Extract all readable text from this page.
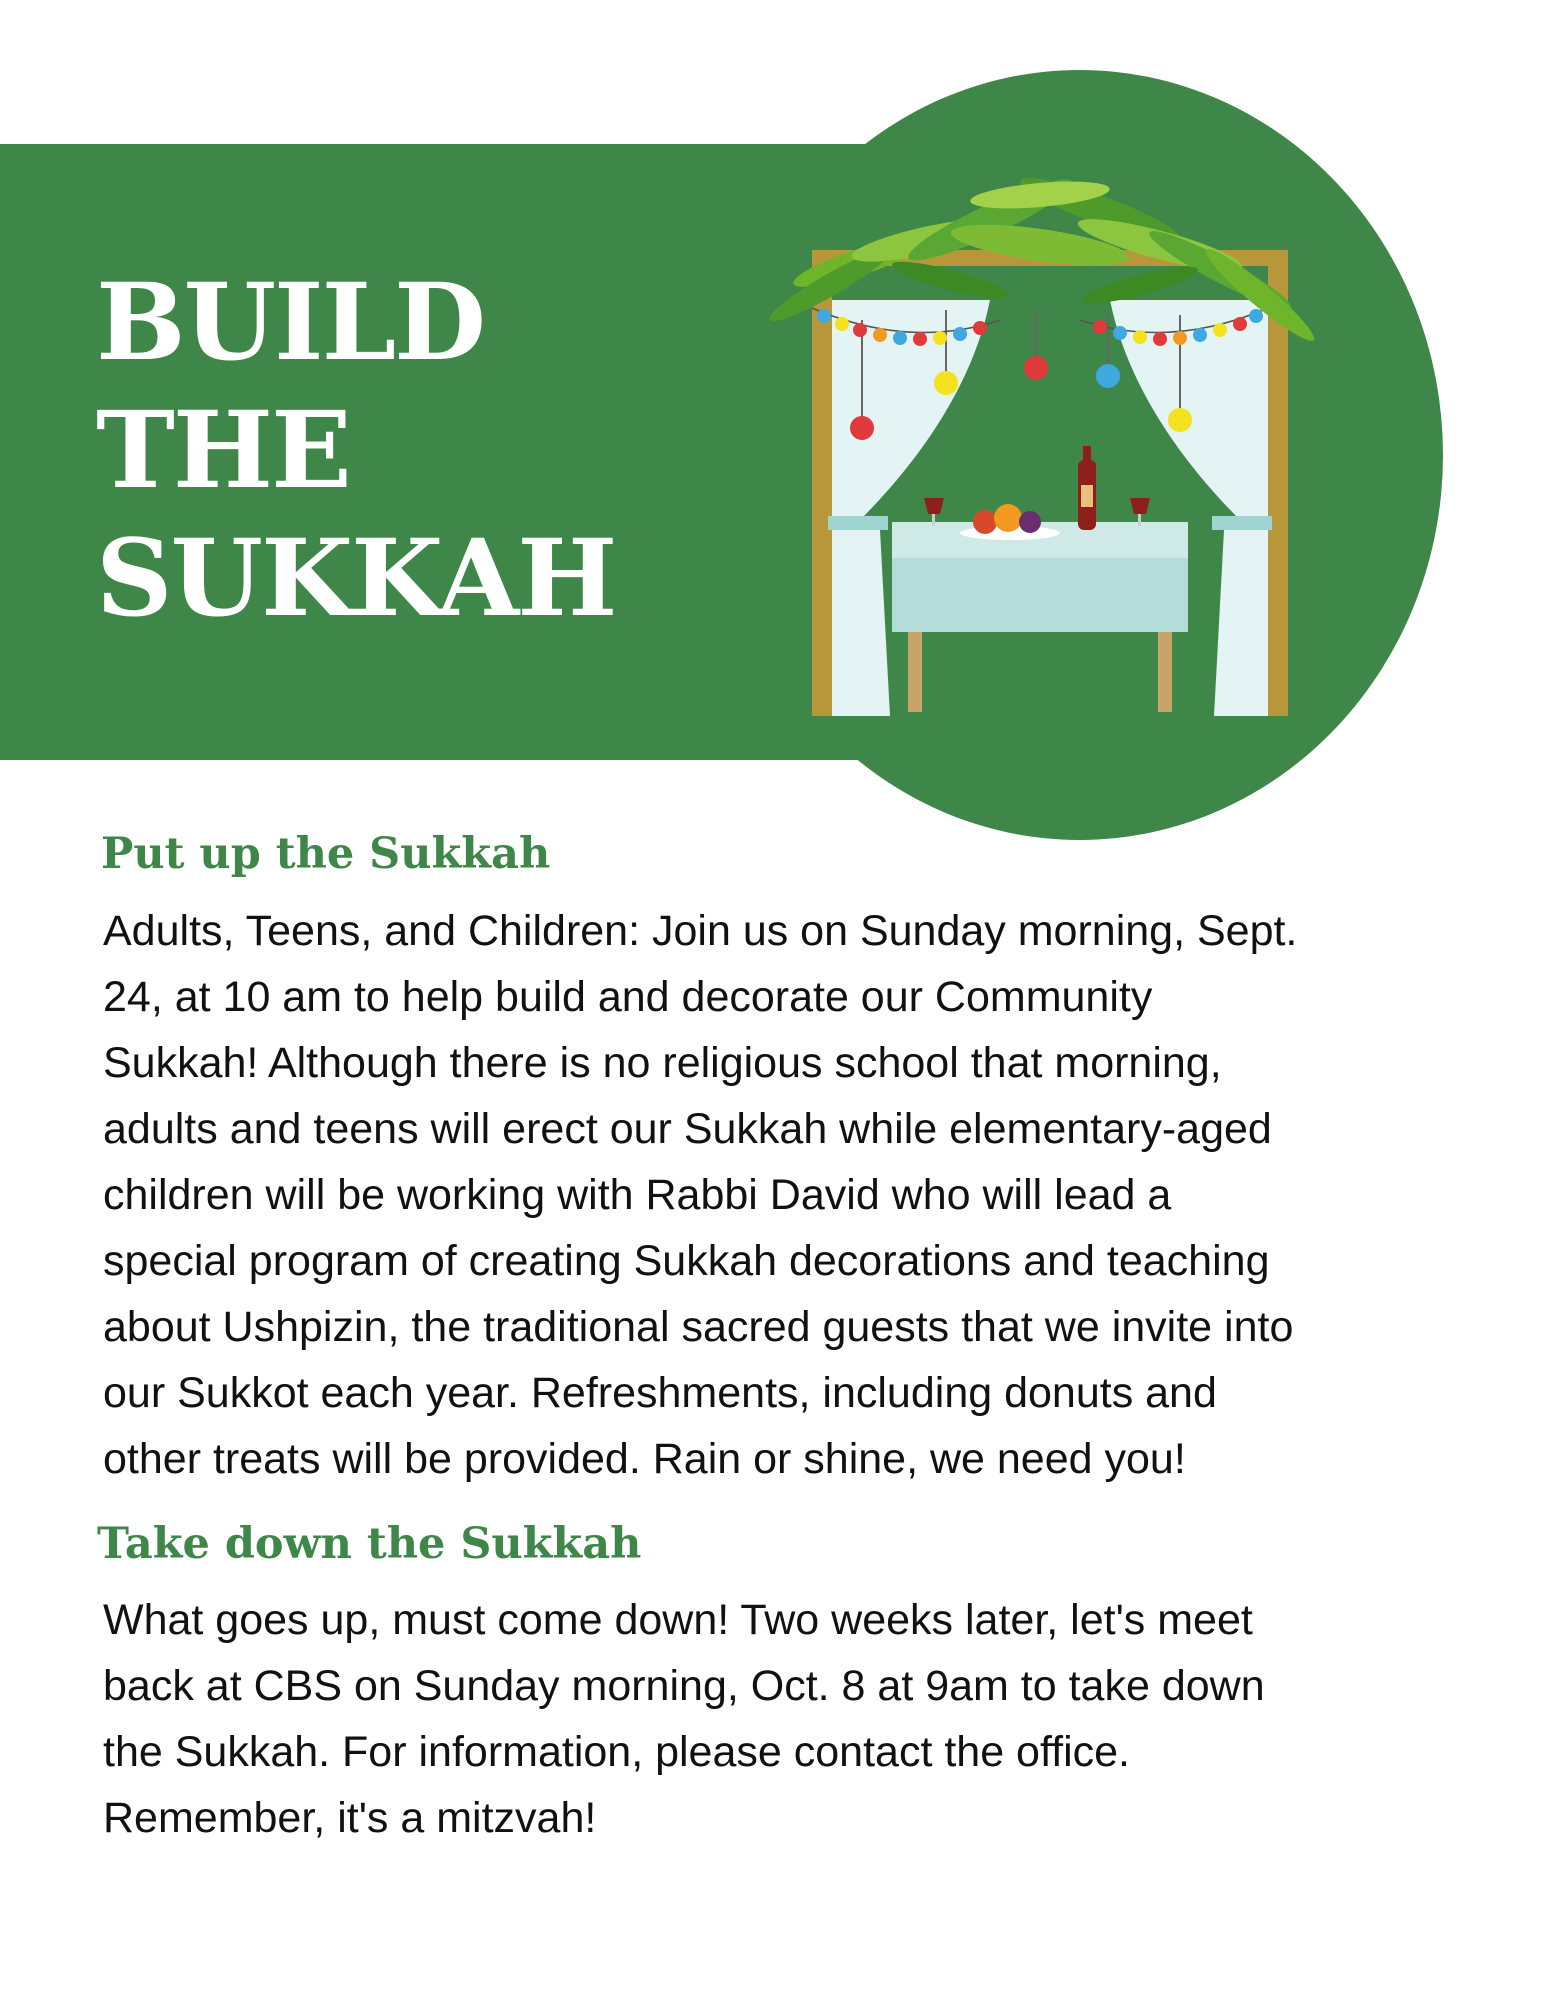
BUILD
THE
SUKKAH
Put up the Sukkah
Adults, Teens, and Children: Join us on Sunday morning, Sept.
24, at 10 am to help build and decorate our Community
Sukkah! Although there is no religious school that morning,
adults and teens will erect our Sukkah while elementary-aged
children will be working with Rabbi David who will lead a
special program of creating Sukkah decorations and teaching
about Ushpizin, the traditional sacred guests that we invite into
our Sukkot each year. Refreshments, including donuts and
other treats will be provided. Rain or shine, we need you!
Take down the Sukkah
What goes up, must come down! Two weeks later, let's meet
back at CBS on Sunday morning, Oct. 8 at 9am to take down
the Sukkah. For information, please contact the office.
Remember, it's a mitzvah!
